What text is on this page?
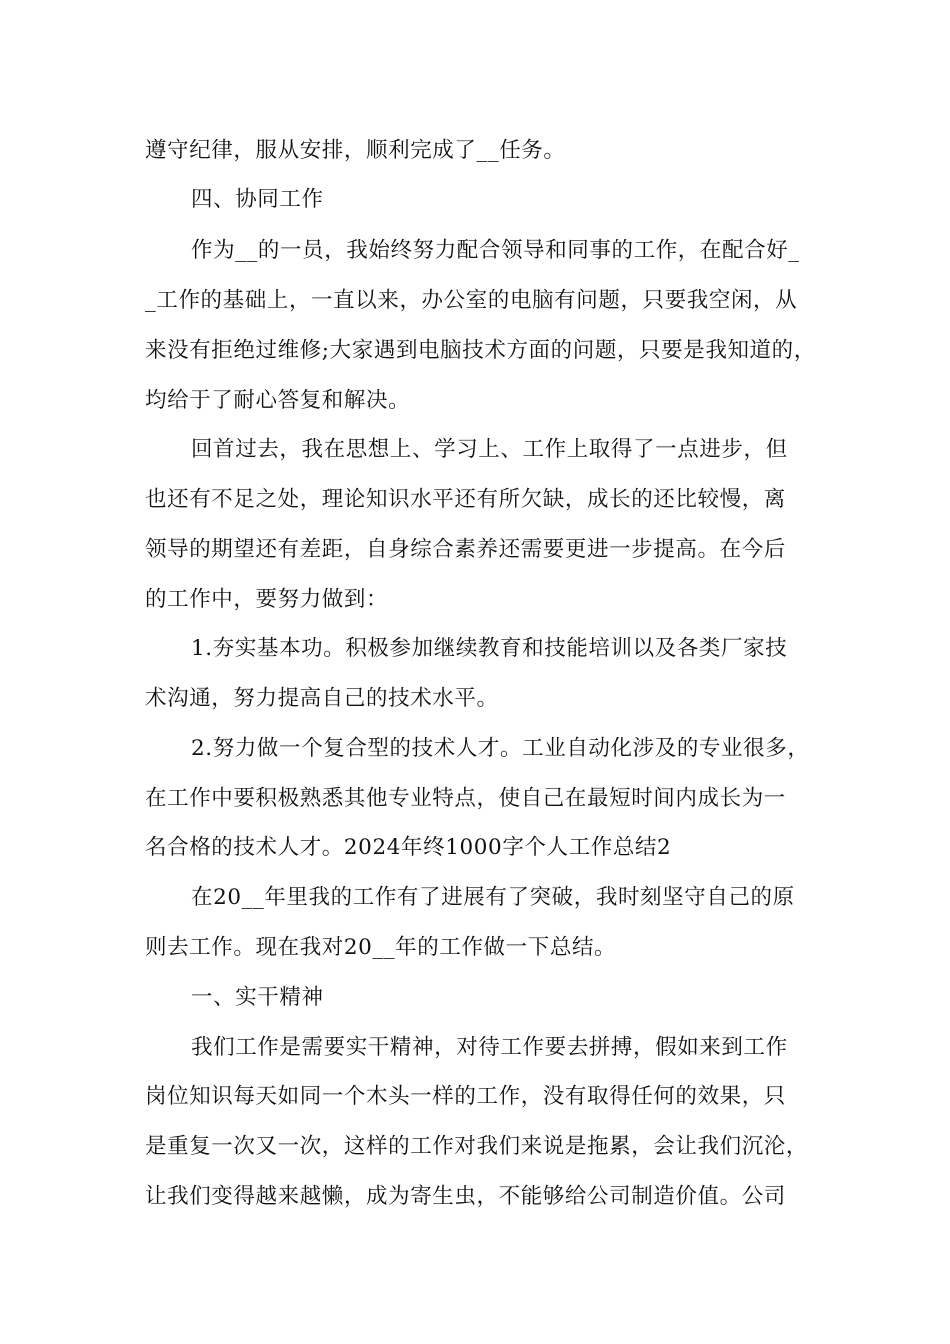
遵守纪律，服从安排，顺利完成了__任务。
四、协同工作
作为__的一员，我始终努力配合领导和同事的工作，在配合好_
_工作的基础上，一直以来，办公室的电脑有问题，只要我空闲，从
来没有拒绝过维修;大家遇到电脑技术方面的问题，只要是我知道的，
均给于了耐心答复和解决。
回首过去，我在思想上、学习上、工作上取得了一点进步，但
也还有不足之处，理论知识水平还有所欠缺，成长的还比较慢，离
领导的期望还有差距，自身综合素养还需要更进一步提高。在今后
的工作中，要努力做到：
1.夯实基本功。积极参加继续教育和技能培训以及各类厂家技
术沟通，努力提高自己的技术水平。
2.努力做一个复合型的技术人才。工业自动化涉及的专业很多，
在工作中要积极熟悉其他专业特点，使自己在最短时间内成长为一
名合格的技术人才。2024年终1000字个人工作总结2
在20__年里我的工作有了进展有了突破，我时刻坚守自己的原
则去工作。现在我对20__年的工作做一下总结。
一、实干精神
我们工作是需要实干精神，对待工作要去拼搏，假如来到工作
岗位知识每天如同一个木头一样的工作，没有取得任何的效果，只
是重复一次又一次，这样的工作对我们来说是拖累，会让我们沉沦，
让我们变得越来越懒，成为寄生虫，不能够给公司制造价值。公司
